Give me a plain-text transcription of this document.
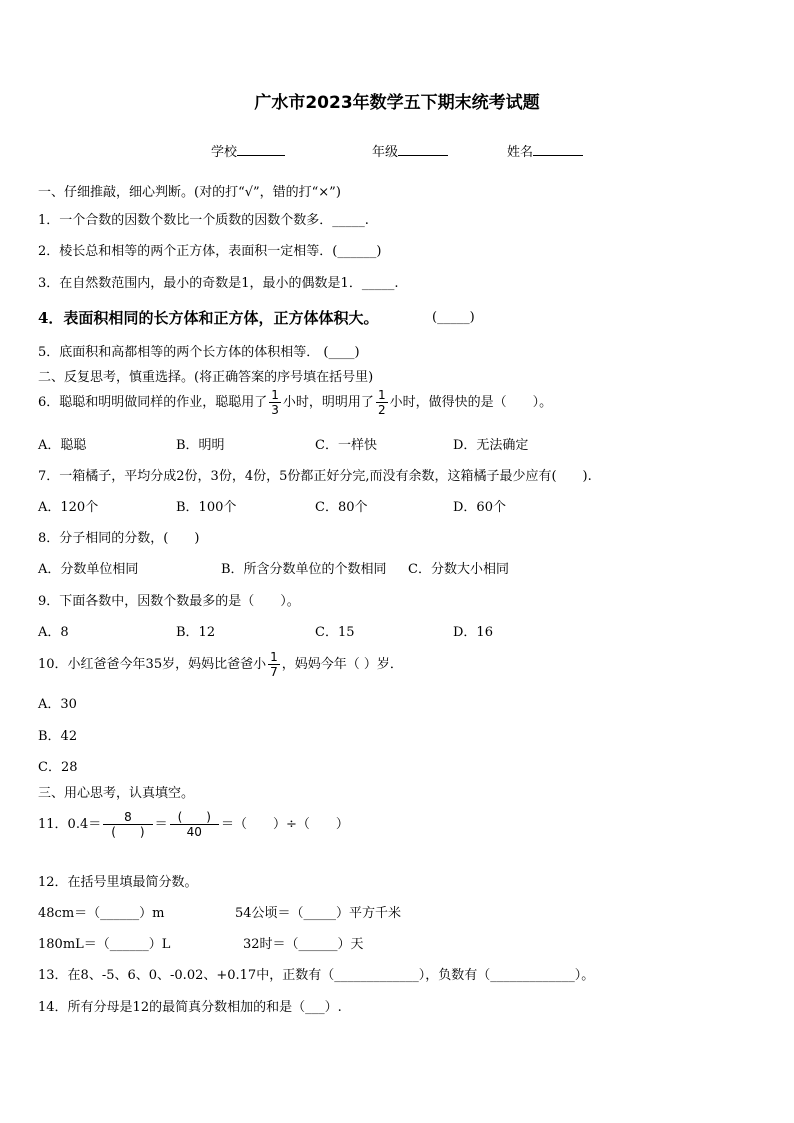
广水市2023年数学五下期末统考试题
学校	年级	姓名
一、仔细推敲，细心判断。(对的打“√”，错的打“×”)
1．一个合数的因数个数比一个质数的因数个数多．_____.
2．棱长总和相等的两个正方体，表面积一定相等．(______)
3．在自然数范围内，最小的奇数是1，最小的偶数是1．_____.
4．表面积相同的长方体和正方体，正方体体积大。	(_____)
5．底面积和高都相等的两个长方体的体积相等． (____)
二、反复思考，慎重选择。(将正确答案的序号填在括号里)
6．聪聪和明明做同样的作业，聪聪用了 $\frac{1}{3}$ 小时，明明用了 $\frac{1}{2}$ 小时，做得快的是（　　）。
A．聪聪	B．明明	C．一样快	D．无法确定
7．一箱橘子，平均分成2份，3份，4份，5份都正好分完,而没有余数，这箱橘子最少应有(　　).
A．120个	B．100个	C．80个	D．60个
8．分子相同的分数，(　　)
A．分数单位相同	B．所含分数单位的个数相同 C．分数大小相同
9．下面各数中，因数个数最多的是（　　）。
A．8	B．12	C．15	D．16
10．小红爸爸今年35岁，妈妈比爸爸小 $\frac{1}{7}$ ，妈妈今年（ ）岁．
A．30
B．42
C．28
三、用心思考，认真填空。
11．$0.4= \frac{8}{( )} = \frac{( )}{40}$ ＝（　　）÷（　　）
12．在括号里填最简分数。
48cm＝（______）m	54公顷＝（_____）平方千米
180mL＝（______）L	32时＝（______）天
13．在8、-5、6、0、-0.02、+0.17中，正数有（_____________），负数有（_____________）。
14．所有分母是12的最简真分数相加的和是（___）.
